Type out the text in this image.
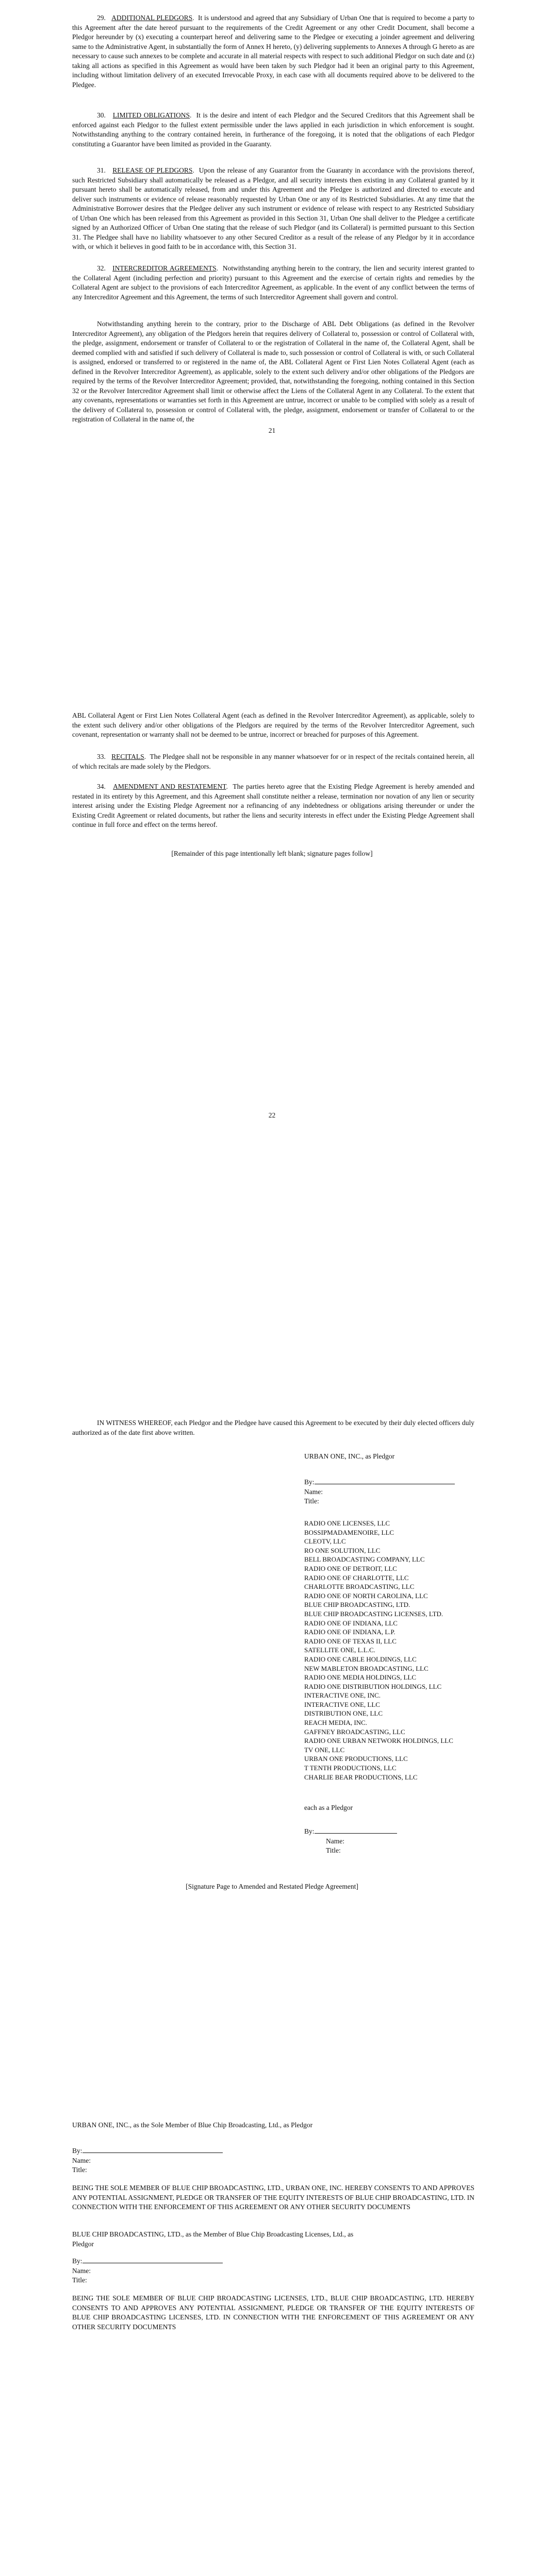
29. ADDITIONAL PLEDGORS.  It is understood and agreed that any Subsidiary of Urban One that is required to become a party to this Agreement after the date hereof pursuant to the requirements of the Credit Agreement or any other Credit Document, shall become a Pledgor hereunder by (x) executing a counterpart hereof and delivering same to the Pledgee or executing a joinder agreement and delivering same to the Administrative Agent, in substantially the form of Annex H hereto, (y) delivering supplements to Annexes A through G hereto as are necessary to cause such annexes to be complete and accurate in all material respects with respect to such additional Pledgor on such date and (z) taking all actions as specified in this Agreement as would have been taken by such Pledgor had it been an original party to this Agreement, including without limitation delivery of an executed Irrevocable Proxy, in each case with all documents required above to be delivered to the Pledgee.
30. LIMITED OBLIGATIONS.  It is the desire and intent of each Pledgor and the Secured Creditors that this Agreement shall be enforced against each Pledgor to the fullest extent permissible under the laws applied in each jurisdiction in which enforcement is sought. Notwithstanding anything to the contrary contained herein, in furtherance of the foregoing, it is noted that the obligations of each Pledgor constituting a Guarantor have been limited as provided in the Guaranty.
31. RELEASE OF PLEDGORS.  Upon the release of any Guarantor from the Guaranty in accordance with the provisions thereof, such Restricted Subsidiary shall automatically be released as a Pledgor, and all security interests then existing in any Collateral granted by it pursuant hereto shall be automatically released, from and under this Agreement and the Pledgee is authorized and directed to execute and deliver such instruments or evidence of release reasonably requested by Urban One or any of its Restricted Subsidiaries. At any time that the Administrative Borrower desires that the Pledgee deliver any such instrument or evidence of release with respect to any Restricted Subsidiary of Urban One which has been released from this Agreement as provided in this Section 31, Urban One shall deliver to the Pledgee a certificate signed by an Authorized Officer of Urban One stating that the release of such Pledgor (and its Collateral) is permitted pursuant to this Section 31. The Pledgee shall have no liability whatsoever to any other Secured Creditor as a result of the release of any Pledgor by it in accordance with, or which it believes in good faith to be in accordance with, this Section 31.
32. INTERCREDITOR AGREEMENTS.  Notwithstanding anything herein to the contrary, the lien and security interest granted to the Collateral Agent (including perfection and priority) pursuant to this Agreement and the exercise of certain rights and remedies by the Collateral Agent are subject to the provisions of each Intercreditor Agreement, as applicable. In the event of any conflict between the terms of any Intercreditor Agreement and this Agreement, the terms of such Intercreditor Agreement shall govern and control.
Notwithstanding anything herein to the contrary, prior to the Discharge of ABL Debt Obligations (as defined in the Revolver Intercreditor Agreement), any obligation of the Pledgors herein that requires delivery of Collateral to, possession or control of Collateral with, the pledge, assignment, endorsement or transfer of Collateral to or the registration of Collateral in the name of, the Collateral Agent, shall be deemed complied with and satisfied if such delivery of Collateral is made to, such possession or control of Collateral is with, or such Collateral is assigned, endorsed or transferred to or registered in the name of, the ABL Collateral Agent or First Lien Notes Collateral Agent (each as defined in the Revolver Intercreditor Agreement), as applicable, solely to the extent such delivery and/or other obligations of the Pledgors are required by the terms of the Revolver Intercreditor Agreement; provided, that, notwithstanding the foregoing, nothing contained in this Section 32 or the Revolver Intercreditor Agreement shall limit or otherwise affect the Liens of the Collateral Agent in any Collateral. To the extent that any covenants, representations or warranties set forth in this Agreement are untrue, incorrect or unable to be complied with solely as a result of the delivery of Collateral to, possession or control of Collateral with, the pledge, assignment, endorsement or transfer of Collateral to or the registration of Collateral in the name of, the
21
ABL Collateral Agent or First Lien Notes Collateral Agent (each as defined in the Revolver Intercreditor Agreement), as applicable, solely to the extent such delivery and/or other obligations of the Pledgors are required by the terms of the Revolver Intercreditor Agreement, such covenant, representation or warranty shall not be deemed to be untrue, incorrect or breached for purposes of this Agreement.
33. RECITALS.  The Pledgee shall not be responsible in any manner whatsoever for or in respect of the recitals contained herein, all of which recitals are made solely by the Pledgors.
34. AMENDMENT AND RESTATEMENT.  The parties hereto agree that the Existing Pledge Agreement is hereby amended and restated in its entirety by this Agreement, and this Agreement shall constitute neither a release, termination nor novation of any lien or security interest arising under the Existing Pledge Agreement nor a refinancing of any indebtedness or obligations arising thereunder or under the Existing Credit Agreement or related documents, but rather the liens and security interests in effect under the Existing Pledge Agreement shall continue in full force and effect on the terms hereof.
[Remainder of this page intentionally left blank; signature pages follow]
22
IN WITNESS WHEREOF, each Pledgor and the Pledgee have caused this Agreement to be executed by their duly elected officers duly authorized as of the date first above written.
URBAN ONE, INC., as Pledgor
By:
Name:
Title:
RADIO ONE LICENSES, LLC
BOSSIPMADAMENOIRE, LLC
CLEOTV, LLC
RO ONE SOLUTION, LLC
BELL BROADCASTING COMPANY, LLC
RADIO ONE OF DETROIT, LLC
RADIO ONE OF CHARLOTTE, LLC
CHARLOTTE BROADCASTING, LLC
RADIO ONE OF NORTH CAROLINA, LLC
BLUE CHIP BROADCASTING, LTD.
BLUE CHIP BROADCASTING LICENSES, LTD.
RADIO ONE OF INDIANA, LLC
RADIO ONE OF INDIANA, L.P.
RADIO ONE OF TEXAS II, LLC
SATELLITE ONE, L.L.C.
RADIO ONE CABLE HOLDINGS, LLC
NEW MABLETON BROADCASTING, LLC
RADIO ONE MEDIA HOLDINGS, LLC
RADIO ONE DISTRIBUTION HOLDINGS, LLC
INTERACTIVE ONE, INC.
INTERACTIVE ONE, LLC
DISTRIBUTION ONE, LLC
REACH MEDIA, INC.
GAFFNEY BROADCASTING, LLC
RADIO ONE URBAN NETWORK HOLDINGS, LLC
TV ONE, LLC
URBAN ONE PRODUCTIONS, LLC
T TENTH PRODUCTIONS, LLC
CHARLIE BEAR PRODUCTIONS, LLC
each as a Pledgor
By:
Name:
Title:
[Signature Page to Amended and Restated Pledge Agreement]
URBAN ONE, INC., as the Sole Member of Blue Chip Broadcasting, Ltd., as Pledgor
By:
Name:
Title:
BEING THE SOLE MEMBER OF BLUE CHIP BROADCASTING, LTD., URBAN ONE, INC. HEREBY CONSENTS TO AND APPROVES ANY POTENTIAL ASSIGNMENT, PLEDGE OR TRANSFER OF THE EQUITY INTERESTS OF BLUE CHIP BROADCASTING, LTD. IN CONNECTION WITH THE ENFORCEMENT OF THIS AGREEMENT OR ANY OTHER SECURITY DOCUMENTS
BLUE CHIP BROADCASTING, LTD., as the Member of Blue Chip Broadcasting Licenses, Ltd., as
Pledgor
By:
Name:
Title:
BEING THE SOLE MEMBER OF BLUE CHIP BROADCASTING LICENSES, LTD., BLUE CHIP BROADCASTING, LTD. HEREBY CONSENTS TO AND APPROVES ANY POTENTIAL ASSIGNMENT, PLEDGE OR TRANSFER OF THE EQUITY INTERESTS OF BLUE CHIP BROADCASTING LICENSES, LTD. IN CONNECTION WITH THE ENFORCEMENT OF THIS AGREEMENT OR ANY OTHER SECURITY DOCUMENTS
